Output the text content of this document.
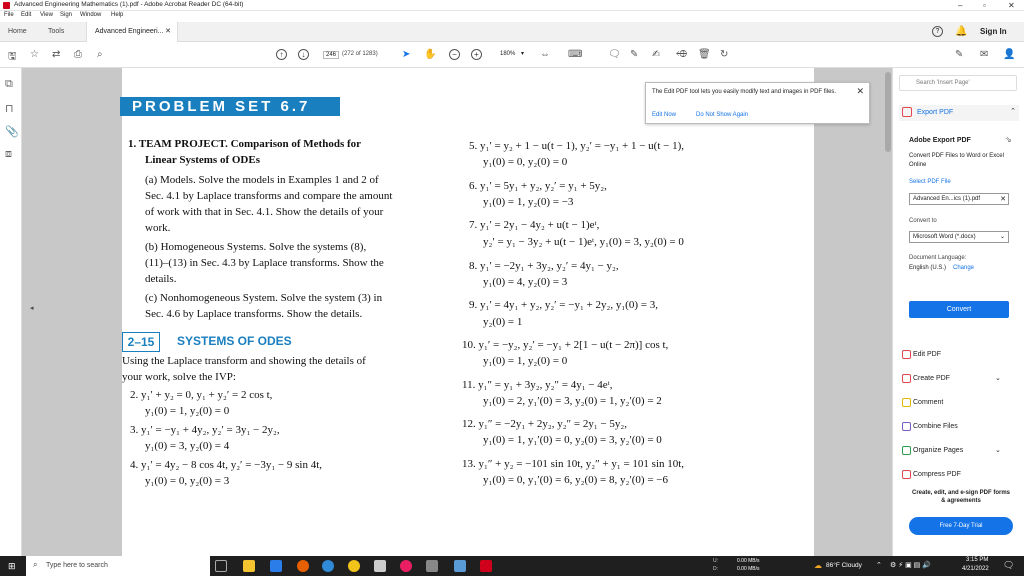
Advanced Engineering Mathematics (1).pdf - Adobe Acrobat Reader DC (64-bit)	–	▫	✕
File Edit View Sign Window Help
Home	Tools	Advanced Engineeri... ✕	?	🔔 Sign In
🖫 ☆ ⇄ ⎙ ⌕	↑	↓	246 (272 of 1283) ➤ ✋	−	+	180% ▾ ⇔ ⌨	🗨 ✎ ✍ ⬲ 🗑 ↻	✎ ✉ 👤
⧉
⊓
📎
⧈
◂
PROBLEM SET 6.7
1. TEAM PROJECT. Comparison of Methods for
Linear Systems of ODEs
(a) Models. Solve the models in Examples 1 and 2 of
Sec. 4.1 by Laplace transforms and compare the amount
of work with that in Sec. 4.1. Show the details of your
work.
(b) Homogeneous Systems. Solve the systems (8),
(11)–(13) in Sec. 4.3 by Laplace transforms. Show the
details.
(c) Nonhomogeneous System. Solve the system (3) in
Sec. 4.6 by Laplace transforms. Show the details.
2–15	SYSTEMS OF ODES
Using the Laplace transform and showing the details of
your work, solve the IVP:
2. y₁′ + y₂ = 0, y₁ + y₂′ = 2 cos t,
y₁(0) = 1, y₂(0) = 0
3. y₁′ = −y₁ + 4y₂, y₂′ = 3y₁ − 2y₂,
y₁(0) = 3, y₂(0) = 4
4. y₁′ = 4y₂ − 8 cos 4t, y₂′ = −3y₁ − 9 sin 4t,
y₁(0) = 0, y₂(0) = 3
5. y₁′ = y₂ + 1 − u(t − 1), y₂′ = −y₁ + 1 − u(t − 1),
y₁(0) = 0, y₂(0) = 0
6. y₁′ = 5y₁ + y₂, y₂′ = y₁ + 5y₂,
y₁(0) = 1, y₂(0) = −3
7. y₁′ = 2y₁ − 4y₂ + u(t − 1)eᵗ,
y₂′ = y₁ − 3y₂ + u(t − 1)eᵗ, y₁(0) = 3, y₂(0) = 0
8. y₁′ = −2y₁ + 3y₂, y₂′ = 4y₁ − y₂,
y₁(0) = 4, y₂(0) = 3
9. y₁′ = 4y₁ + y₂, y₂′ = −y₁ + 2y₂, y₁(0) = 3,
y₂(0) = 1
10. y₁′ = −y₂, y₂′ = −y₁ + 2[1 − u(t − 2π)] cos t,
y₁(0) = 1, y₂(0) = 0
11. y₁″ = y₁ + 3y₂, y₂″ = 4y₁ − 4eᵗ,
y₁(0) = 2, y₁′(0) = 3, y₂(0) = 1, y₂′(0) = 2
12. y₁″ = −2y₁ + 2y₂, y₂″ = 2y₁ − 5y₂,
y₁(0) = 1, y₁′(0) = 0, y₂(0) = 3, y₂′(0) = 0
13. y₁″ + y₂ = −101 sin 10t, y₂″ + y₁ = 101 sin 10t,
y₁(0) = 0, y₁′(0) = 6, y₂(0) = 8, y₂′(0) = −6
The Edit PDF tool lets you easily modify text and images in PDF files.
Edit Now	Do Not Show Again
✕
Search 'Insert Page'
Export PDF	⌃
Adobe Export PDF	⇘
Convert PDF Files to Word or Excel Online
Select PDF File
Advanced En...ics (1).pdf	✕
Convert to
Microsoft Word (*.docx)	⌄
Document Language:
English (U.S.) Change
Convert
Edit PDF
Create PDF	⌄
Comment
Combine Files
Organize Pages	⌄
Compress PDF
Create, edit, and e-sign PDF forms & agreements
Free 7-Day Trial
⊞ ⌕ Type here to search
U:
D:
0.00 MB/s
0.00 MB/s	☁ 86°F Cloudy ⌃ ⚙ ⚡ ▣ ▤ 🔊
3:15 PM
4/21/2022 🗨
